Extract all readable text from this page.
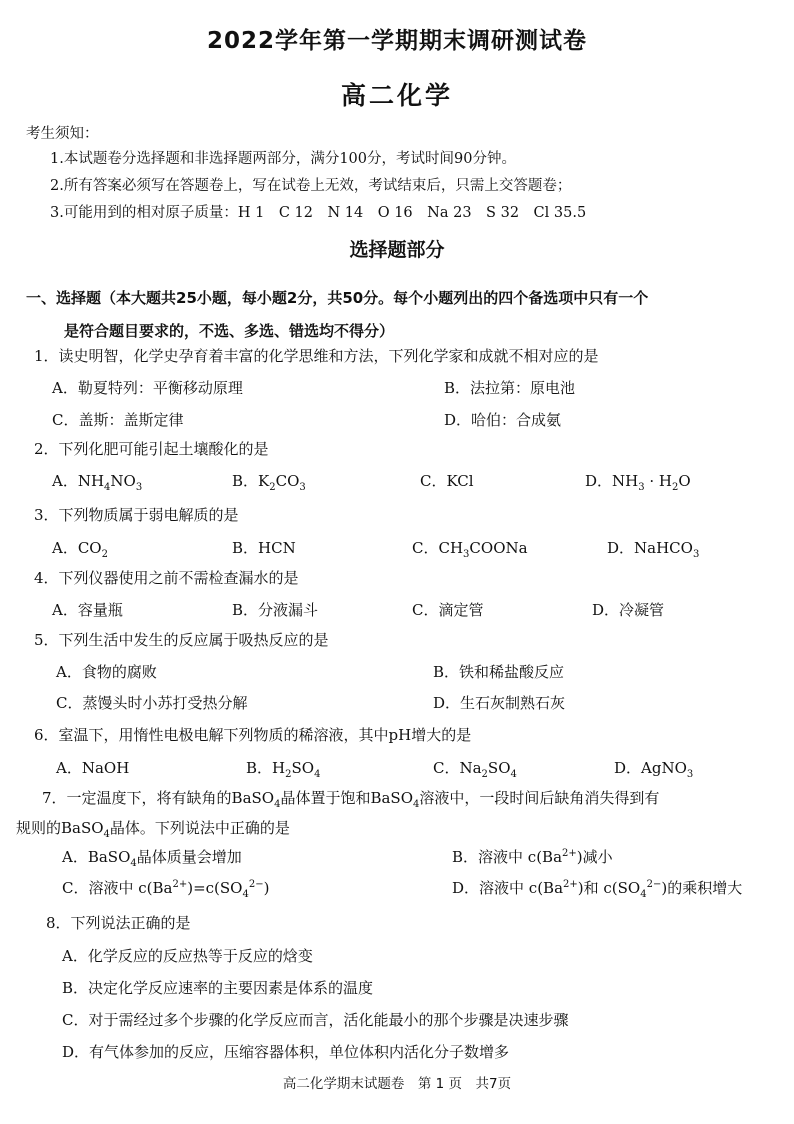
2022学年第一学期期末调研测试卷
高二化学
考生须知：
1.本试题卷分选择题和非选择题两部分，满分100分，考试时间90分钟。
2.所有答案必须写在答题卷上，写在试卷上无效，考试结束后，只需上交答题卷；
3.可能用到的相对原子质量：H 1　C 12　N 14　O 16　Na 23　S 32　Cl 35.5
选择题部分
一、选择题（本大题共25小题，每小题2分，共50分。每个小题列出的四个备选项中只有一个
是符合题目要求的，不选、多选、错选均不得分）
1．读史明智，化学史孕育着丰富的化学思维和方法，下列化学家和成就不相对应的是
A．勒夏特列：平衡移动原理	B．法拉第：原电池
C．盖斯：盖斯定律	D．哈伯：合成氨
2．下列化肥可能引起土壤酸化的是
A．$NH_4NO_3$	B．$K_2CO_3$	C．KCl	D．$NH_3 \cdot H_2O$
3．下列物质属于弱电解质的是
A．$CO_2$	B．HCN	C．$CH_3COONa$	D．NaHCO$_3$
4．下列仪器使用之前不需检查漏水的是
A．容量瓶	B．分液漏斗	C．滴定管	D．冷凝管
5．下列生活中发生的反应属于吸热反应的是
A．食物的腐败	B．铁和稀盐酸反应
C．蒸馒头时小苏打受热分解	D．生石灰制熟石灰
6．室温下，用惰性电极电解下列物质的稀溶液，其中pH增大的是
A．NaOH	B．$H_2SO_4$	C．$Na_2SO_4$	D．AgNO$_3$
7．一定温度下，将有缺角的BaSO$_4$晶体置于饱和BaSO$_4$溶液中，一段时间后缺角消失得到有
规则的BaSO$_4$晶体。下列说法中正确的是
A．BaSO$_4$晶体质量会增加	B．溶液中 $c(Ba^{2+})$减小
C．溶液中 $c(Ba^{2+})=c(SO_4^{2-})$	D．溶液中 $c(Ba^{2+})$和 $c(SO_4^{2-})$的乘积增大
8．下列说法正确的是
A．化学反应的反应热等于反应的焓变
B．决定化学反应速率的主要因素是体系的温度
C．对于需经过多个步骤的化学反应而言，活化能最小的那个步骤是决速步骤
D．有气体参加的反应，压缩容器体积，单位体积内活化分子数增多
高二化学期末试题卷　第 1 页　共7页
